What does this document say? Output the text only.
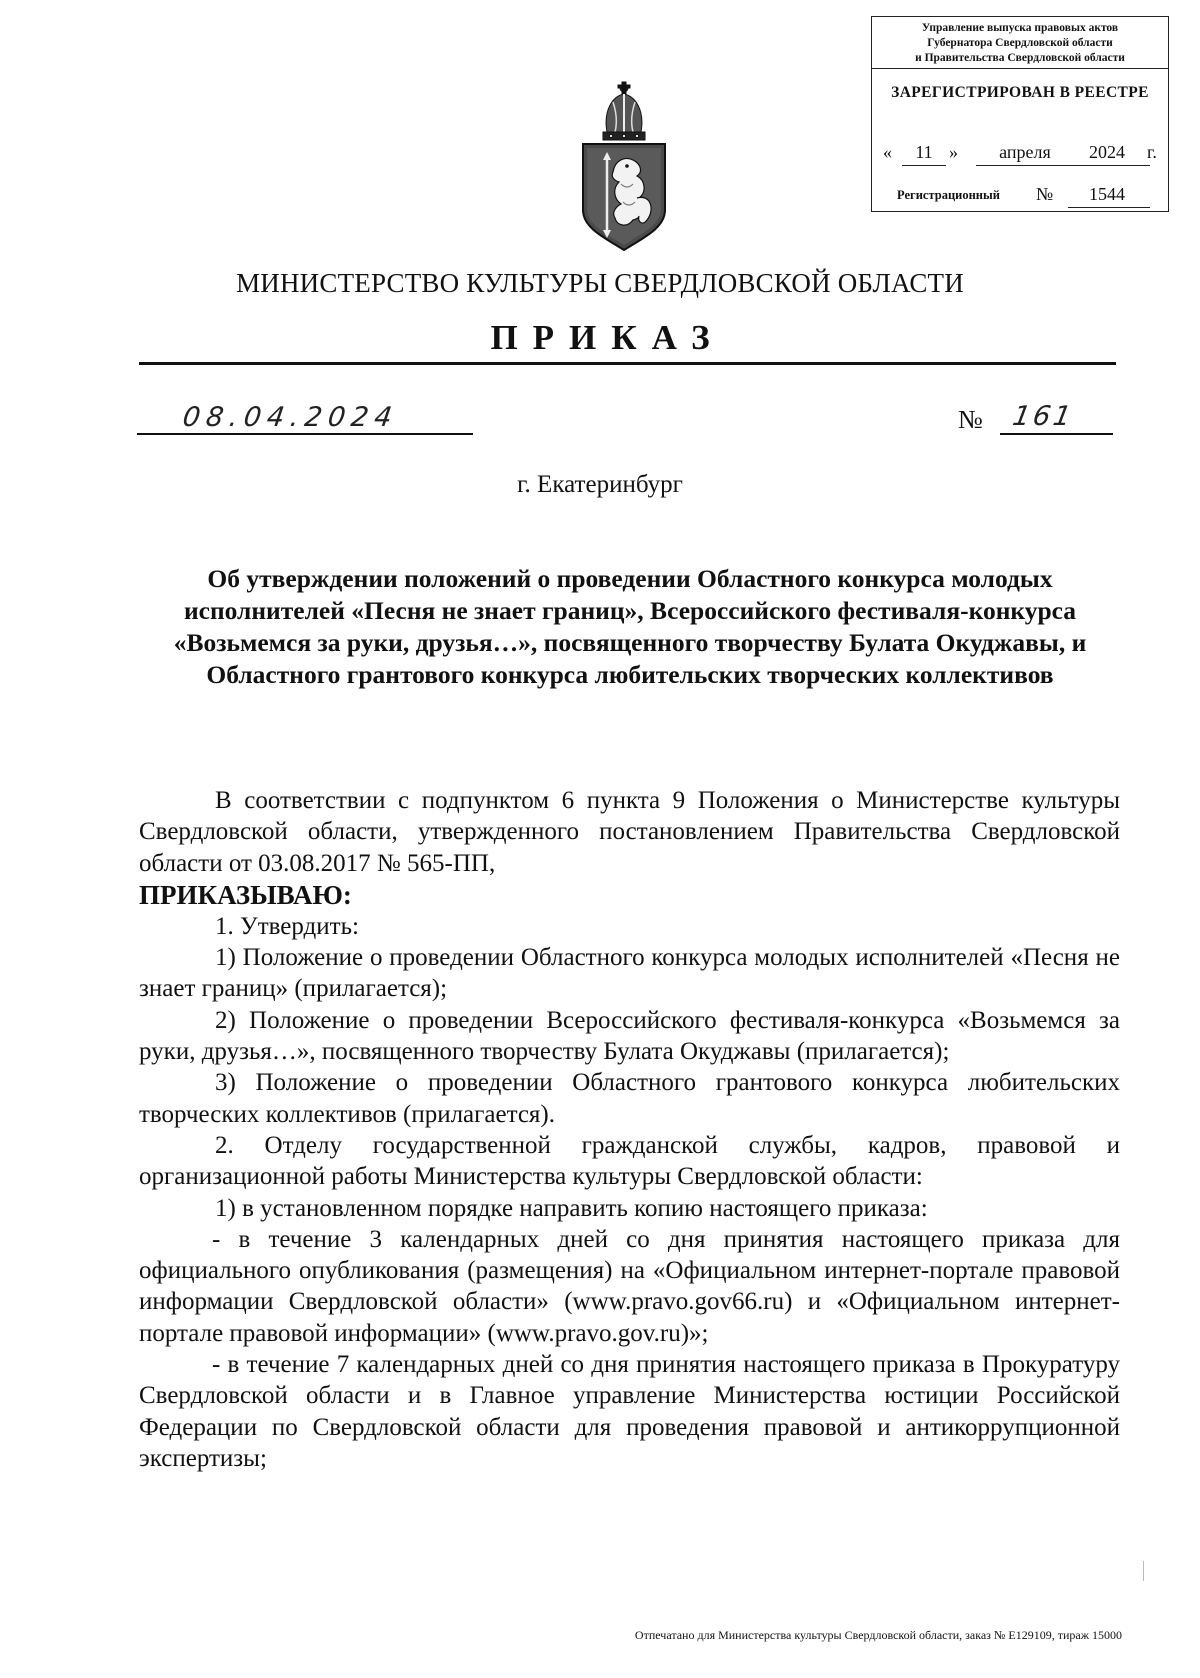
Управление выпуска правовых актов
Губернатора Свердловской области
и Правительства Свердловской области
ЗАРЕГИСТРИРОВАН В РЕЕСТРЕ
«	11 »	апреля	2024	г.
Регистрационный №	1544
МИНИСТЕРСТВО КУЛЬТУРЫ СВЕРДЛОВСКОЙ ОБЛАСТИ
ПРИКАЗ
08.04.2024	№ 161
г. Екатеринбург
Об утверждении положений о проведении Областного конкурса молодых исполнителей «Песня не знает границ», Всероссийского фестиваля-конкурса «Возьмемся за руки, друзья…», посвященного творчеству Булата Окуджавы, и Областного грантового конкурса любительских творческих коллективов

В соответствии с подпунктом 6 пункта 9 Положения о Министерстве культуры Свердловской области, утвержденного постановлением Правительства Свердловской области от 03.08.2017 № 565-ПП,

ПРИКАЗЫВАЮ:

1. Утвердить:

1) Положение о проведении Областного конкурса молодых исполнителей «Песня не знает границ» (прилагается);

2) Положение о проведении Всероссийского фестиваля-конкурса «Возьмемся за руки, друзья…», посвященного творчеству Булата Окуджавы (прилагается);

3) Положение о проведении Областного грантового конкурса любительских творческих коллективов (прилагается).

2. Отделу государственной гражданской службы, кадров, правовой и организационной работы Министерства культуры Свердловской области:

1) в установленном порядке направить копию настоящего приказа:

- в течение 3 календарных дней со дня принятия настоящего приказа для официального опубликования (размещения) на «Официальном интернет-портале правовой информации Свердловской области» (www.pravo.gov66.ru) и «Официальном интернет-портале правовой информации» (www.pravo.gov.ru)»;

- в течение 7 календарных дней со дня принятия настоящего приказа в Прокуратуру Свердловской области и в Главное управление Министерства юстиции Российской Федерации по Свердловской области для проведения правовой и антикоррупционной экспертизы;

Отпечатано для Министерства культуры Свердловской области, заказ № Е129109, тираж 15000
